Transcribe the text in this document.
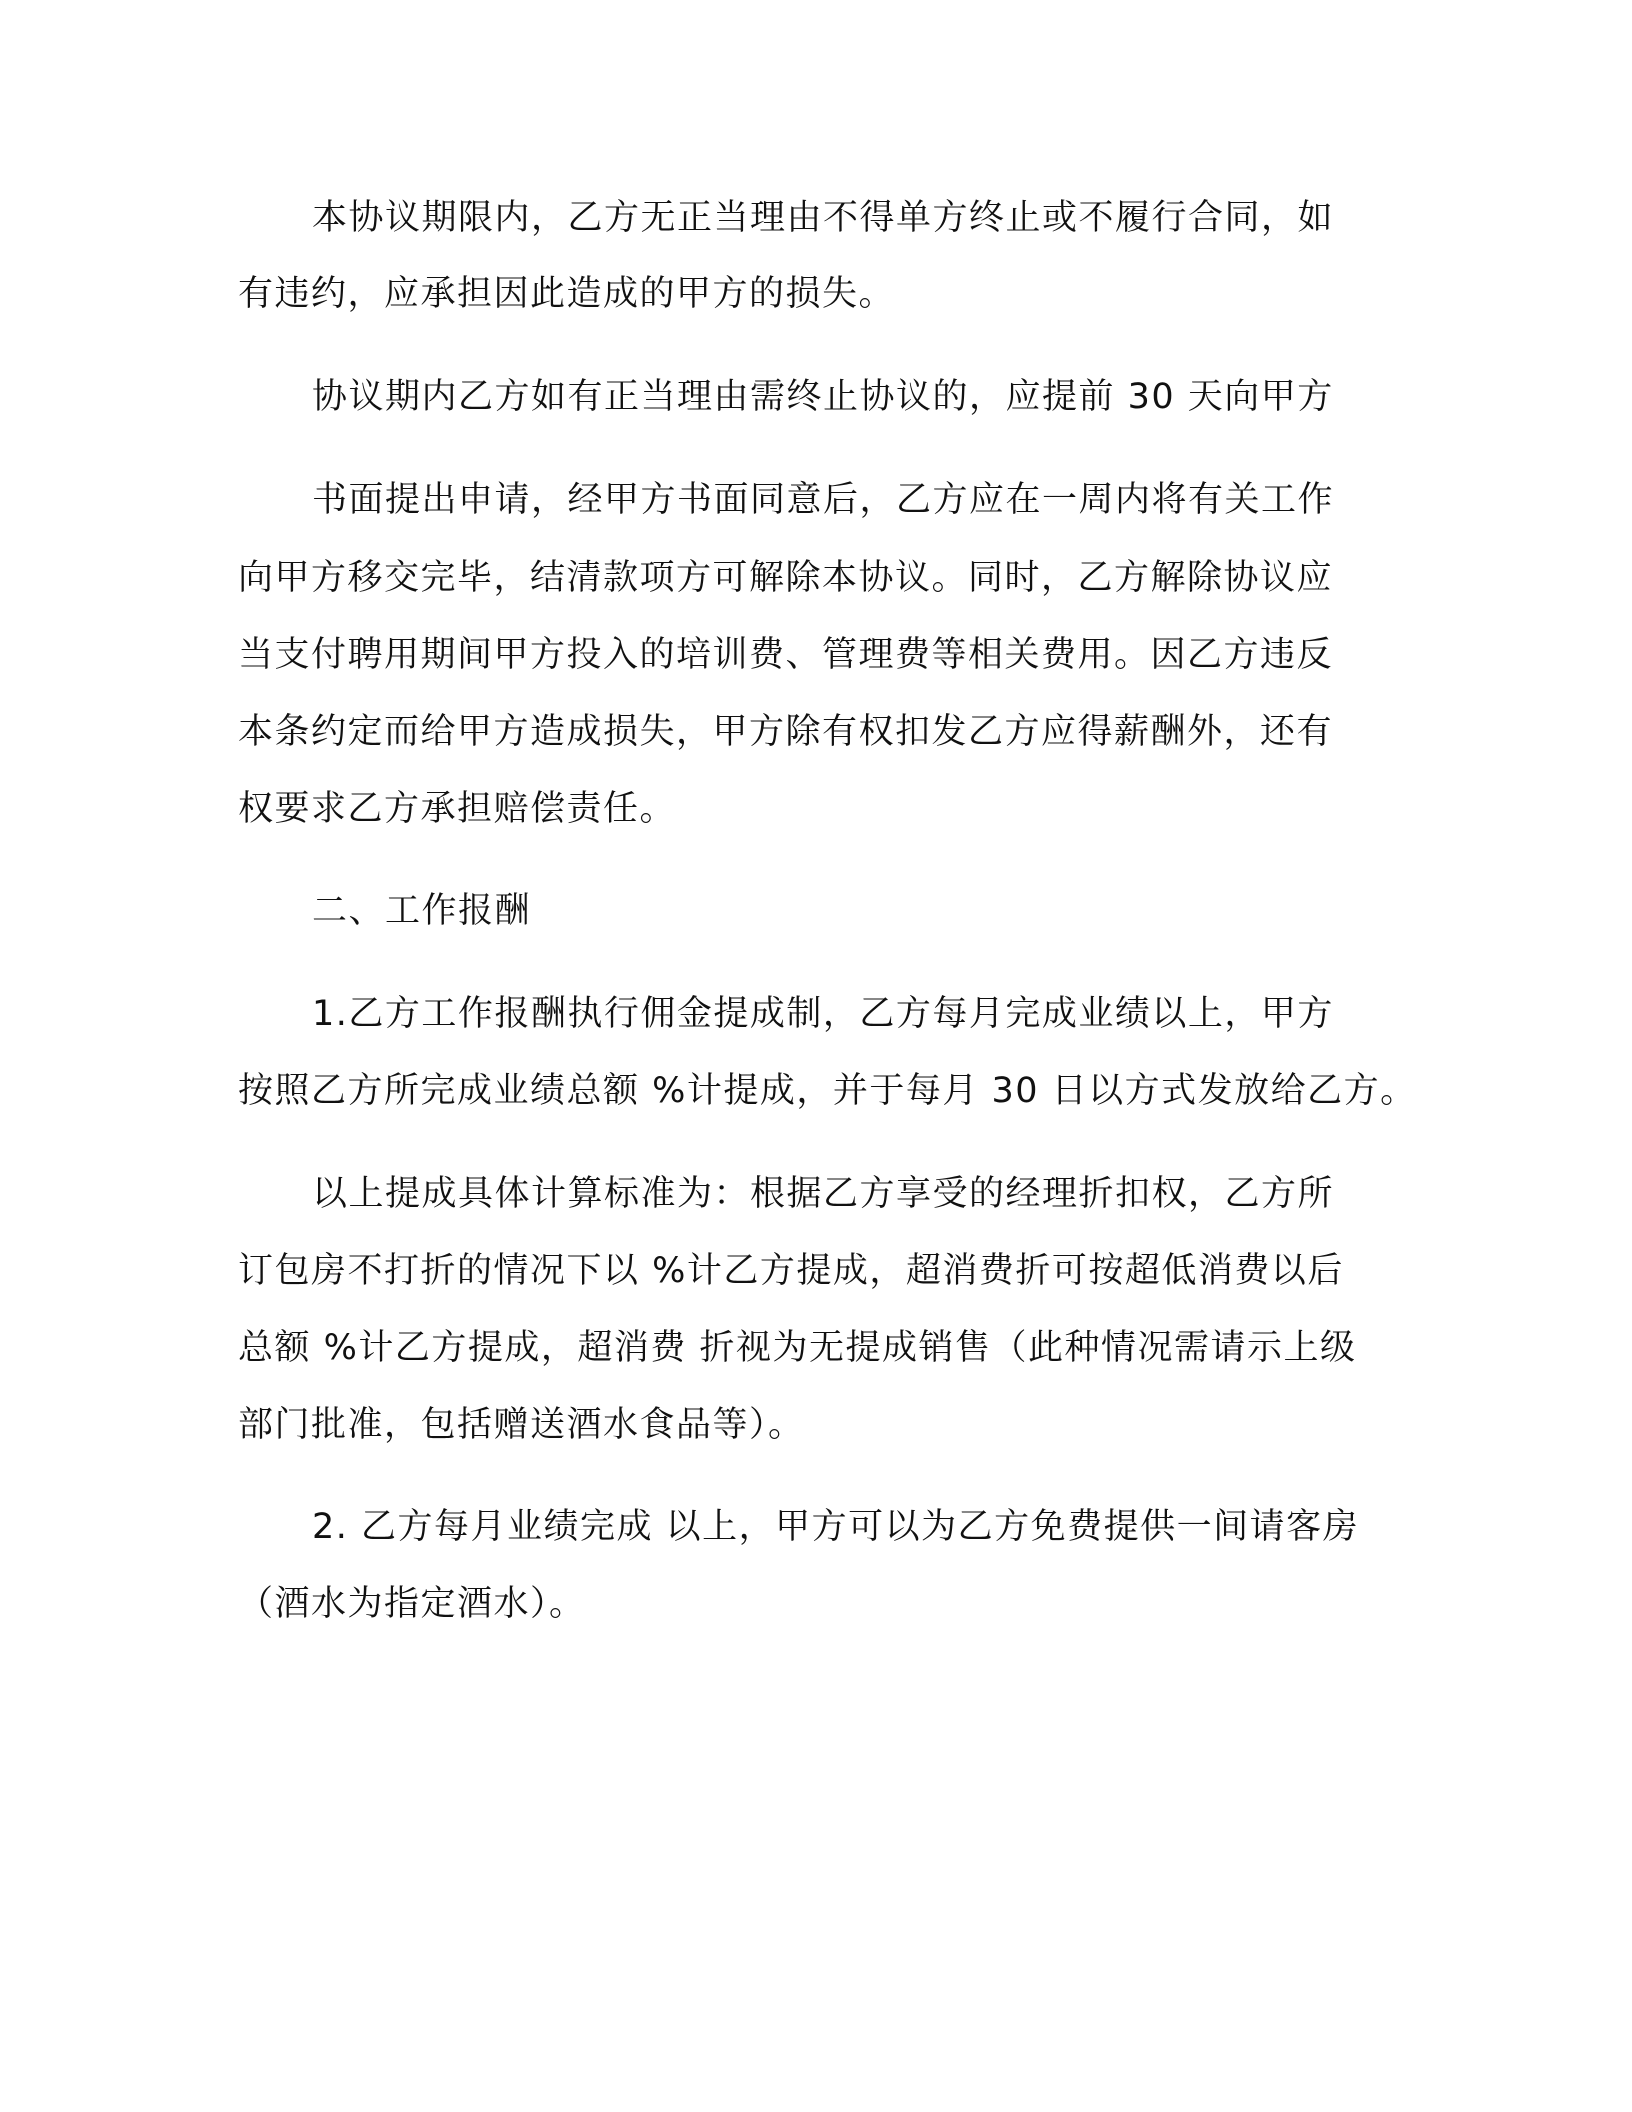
本协议期限内，乙方无正当理由不得单方终止或不履行合同，如
有违约，应承担因此造成的甲方的损失。
协议期内乙方如有正当理由需终止协议的，应提前 30 天向甲方
书面提出申请，经甲方书面同意后，乙方应在一周内将有关工作
向甲方移交完毕，结清款项方可解除本协议。同时，乙方解除协议应
当支付聘用期间甲方投入的培训费、管理费等相关费用。因乙方违反
本条约定而给甲方造成损失，甲方除有权扣发乙方应得薪酬外，还有
权要求乙方承担赔偿责任。
二、工作报酬
1.乙方工作报酬执行佣金提成制，乙方每月完成业绩以上，甲方
按照乙方所完成业绩总额 %计提成，并于每月 30 日以方式发放给乙方。
以上提成具体计算标准为：根据乙方享受的经理折扣权，乙方所
订包房不打折的情况下以 %计乙方提成，超消费折可按超低消费以后
总额 %计乙方提成，超消费 折视为无提成销售（此种情况需请示上级
部门批准，包括赠送酒水食品等）。
2. 乙方每月业绩完成 以上，甲方可以为乙方免费提供一间请客房
（酒水为指定酒水）。
